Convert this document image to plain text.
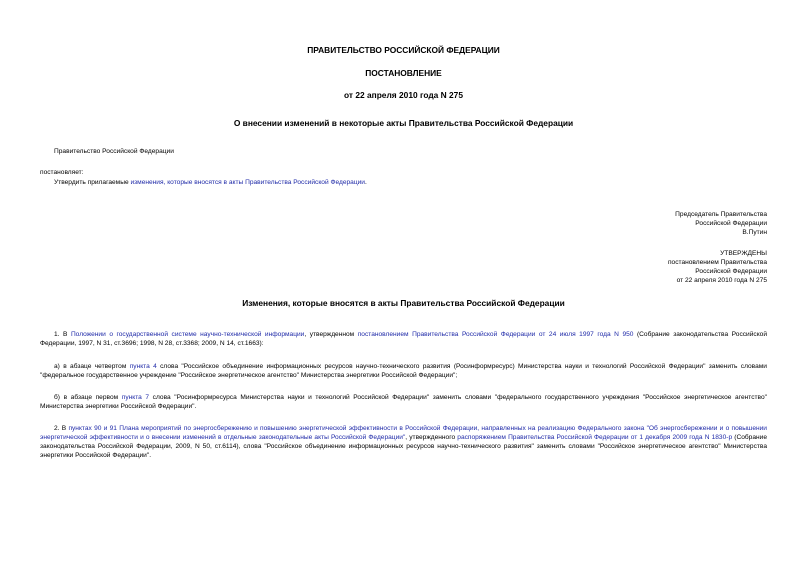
ПРАВИТЕЛЬСТВО РОССИЙСКОЙ ФЕДЕРАЦИИ
ПОСТАНОВЛЕНИЕ
от 22 апреля 2010 года N 275
О внесении изменений в некоторые акты Правительства Российской Федерации
Правительство Российской Федерации
постановляет:
Утвердить прилагаемые изменения, которые вносятся в акты Правительства Российской Федерации.
Председатель Правительства
Российской Федерации
В.Путин
УТВЕРЖДЕНЫ
постановлением Правительства
Российской Федерации
от 22 апреля 2010 года N 275
Изменения, которые вносятся в акты Правительства Российской Федерации
1. В Положении о государственной системе научно-технической информации, утвержденном постановлением Правительства Российской Федерации от 24 июля 1997 года N 950 (Собрание законодательства Российской Федерации, 1997, N 31, ст.3696; 1998, N 28, ст.3368; 2009, N 14, ст.1663):
а) в абзаце четвертом пункта 4 слова "Российское объединение информационных ресурсов научно-технического развития (Росинформресурс) Министерства науки и технологий Российской Федерации" заменить словами "федеральное государственное учреждение "Российское энергетическое агентство" Министерства энергетики Российской Федерации";
б) в абзаце первом пункта 7 слова "Росинформресурса Министерства науки и технологий Российской Федерации" заменить словами "федерального государственного учреждения "Российское энергетическое агентство" Министерства энергетики Российской Федерации".
2. В пунктах 90 и 91 Плана мероприятий по энергосбережению и повышению энергетической эффективности в Российской Федерации, направленных на реализацию Федерального закона "Об энергосбережении и о повышении энергетической эффективности и о внесении изменений в отдельные законодательные акты Российской Федерации", утвержденного распоряжением Правительства Российской Федерации от 1 декабря 2009 года N 1830-р (Собрание законодательства Российской Федерации, 2009, N 50, ст.6114), слова "Российское объединение информационных ресурсов научно-технического развития" заменить словами "Российское энергетическое агентство" Министерства энергетики Российской Федерации".
